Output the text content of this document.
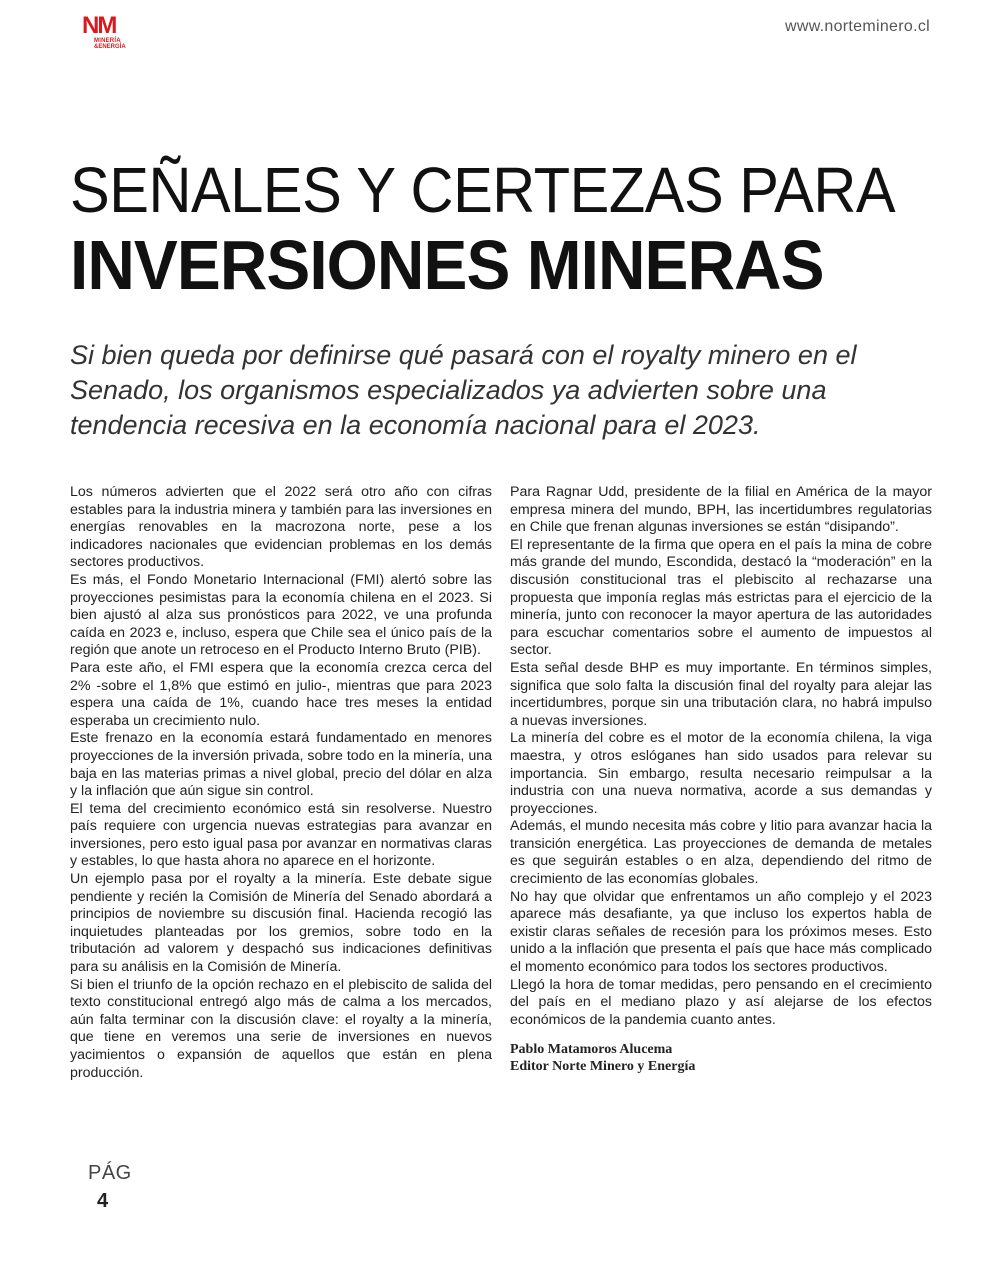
NM
MINERÍA
&ENERGÍA
www.norteminero.cl
SEÑALES Y CERTEZAS PARA
INVERSIONES MINERAS

Si bien queda por definirse qué pasará con el royalty minero en el Senado, los organismos especializados ya advierten sobre una tendencia recesiva en la economía nacional para el 2023.

Los números advierten que el 2022 será otro año con cifras estables para la industria minera y también para las inversiones en energías renovables en la macrozona norte, pese a los indicadores nacionales que evidencian problemas en los demás sectores productivos.

Es más, el Fondo Monetario Internacional (FMI) alertó sobre las proyecciones pesimistas para la economía chilena en el 2023. Si bien ajustó al alza sus pronósticos para 2022, ve una profunda caída en 2023 e, incluso, espera que Chile sea el único país de la región que anote un retroceso en el Producto Interno Bruto (PIB).

Para este año, el FMI espera que la economía crezca cerca del 2% -sobre el 1,8% que estimó en julio-, mientras que para 2023 espera una caída de 1%, cuando hace tres meses la entidad esperaba un crecimiento nulo.

Este frenazo en la economía estará fundamentado en menores proyecciones de la inversión privada, sobre todo en la minería, una baja en las materias primas a nivel global, precio del dólar en alza y la inflación que aún sigue sin control.

El tema del crecimiento económico está sin resolverse. Nuestro país requiere con urgencia nuevas estrategias para avanzar en inversiones, pero esto igual pasa por avanzar en normativas claras y estables, lo que hasta ahora no aparece en el horizonte.

Un ejemplo pasa por el royalty a la minería. Este debate sigue pendiente y recién la Comisión de Minería del Senado abordará a principios de noviembre su discusión final. Hacienda recogió las inquietudes planteadas por los gremios, sobre todo en la tributación ad valorem y despachó sus indicaciones definitivas para su análisis en la Comisión de Minería.

Si bien el triunfo de la opción rechazo en el plebiscito de salida del texto constitucional entregó algo más de calma a los mercados, aún falta terminar con la discusión clave: el royalty a la minería, que tiene en veremos una serie de inversiones en nuevos yacimientos o expansión de aquellos que están en plena producción.

Para Ragnar Udd, presidente de la filial en América de la mayor empresa minera del mundo, BPH, las incertidumbres regulatorias en Chile que frenan algunas inversiones se están “disipando”.

El representante de la firma que opera en el país la mina de cobre más grande del mundo, Escondida, destacó la “moderación” en la discusión constitucional tras el plebiscito al rechazarse una propuesta que imponía reglas más estrictas para el ejercicio de la minería, junto con reconocer la mayor apertura de las autoridades para escuchar comentarios sobre el aumento de impuestos al sector.

Esta señal desde BHP es muy importante. En términos simples, significa que solo falta la discusión final del royalty para alejar las incertidumbres, porque sin una tributación clara, no habrá impulso a nuevas inversiones.

La minería del cobre es el motor de la economía chilena, la viga maestra, y otros eslóganes han sido usados para relevar su importancia. Sin embargo, resulta necesario reimpulsar a la industria con una nueva normativa, acorde a sus demandas y proyecciones.

Además, el mundo necesita más cobre y litio para avanzar hacia la transición energética. Las proyecciones de demanda de metales es que seguirán estables o en alza, dependiendo del ritmo de crecimiento de las economías globales.

No hay que olvidar que enfrentamos un año complejo y el 2023 aparece más desafiante, ya que incluso los expertos habla de existir claras señales de recesión para los próximos meses. Esto unido a la inflación que presenta el país que hace más complicado el momento económico para todos los sectores productivos.

Llegó la hora de tomar medidas, pero pensando en el crecimiento del país en el mediano plazo y así alejarse de los efectos económicos de la pandemia cuanto antes.

Pablo Matamoros Alucema
Editor Norte Minero y Energía
PÁG
4
